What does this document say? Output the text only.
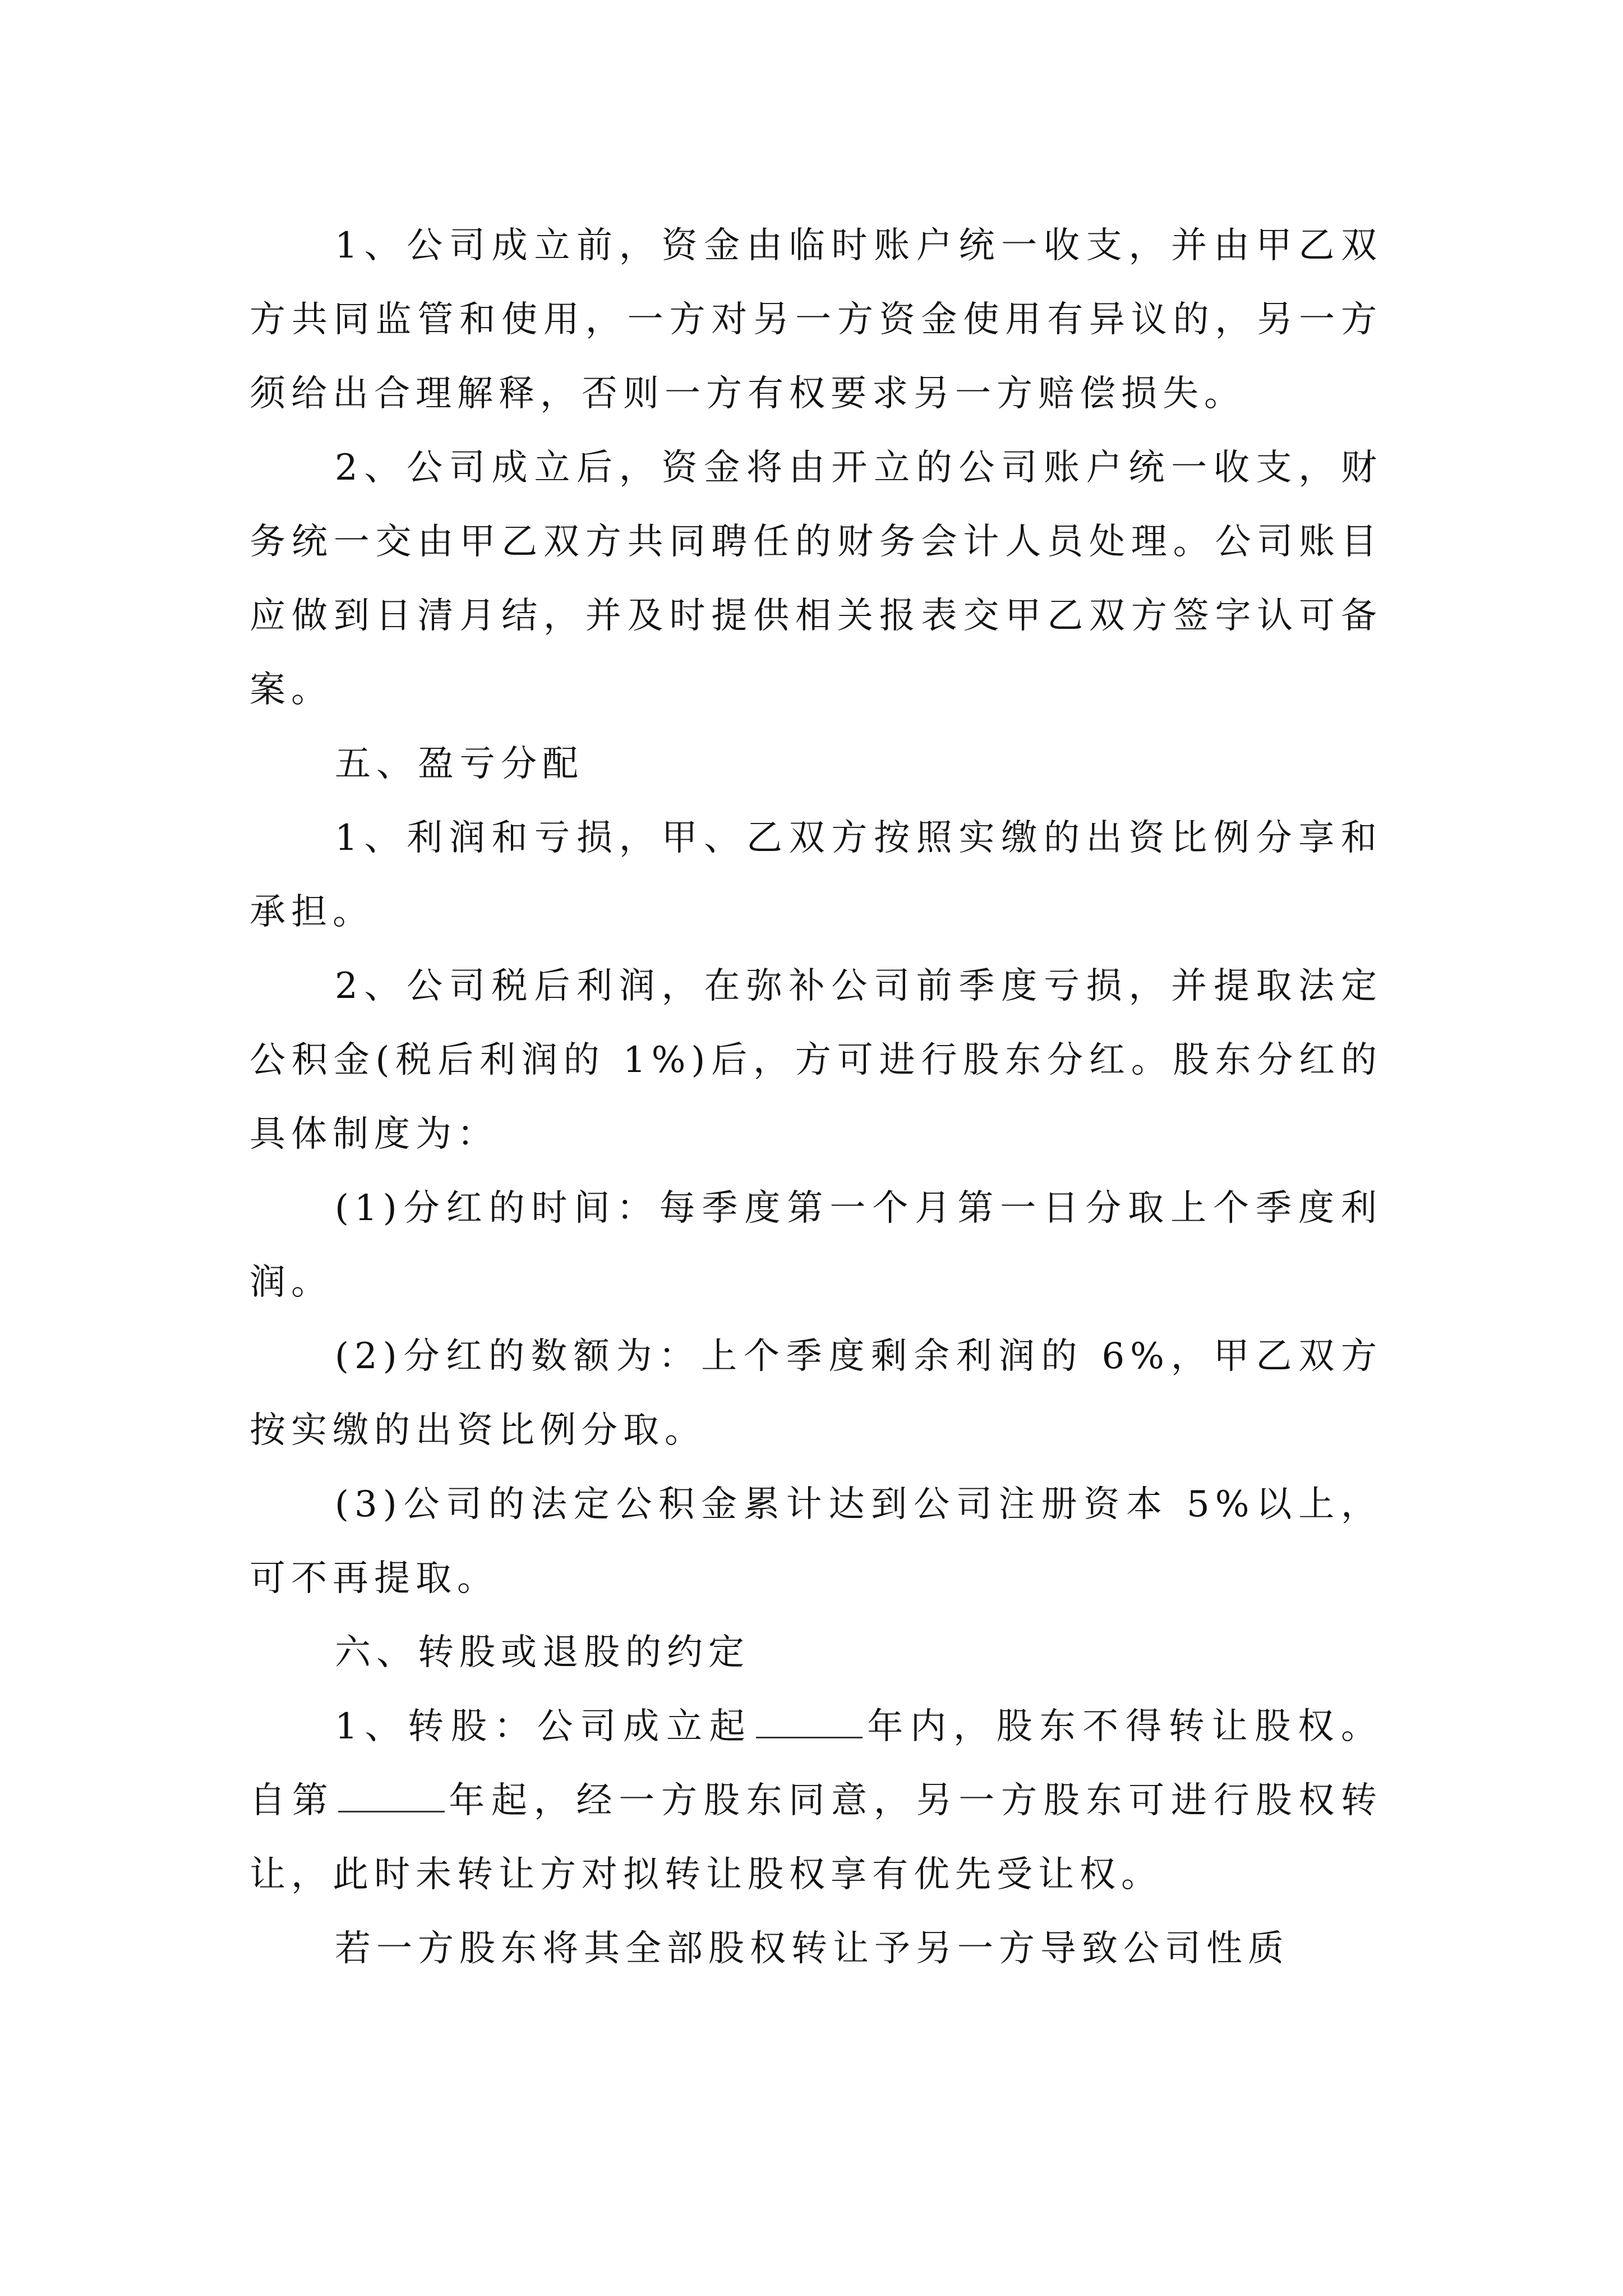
1、公司成立前，资金由临时账户统一收支，并由甲乙双方共同监管和使用，一方对另一方资金使用有异议的，另一方须给出合理解释，否则一方有权要求另一方赔偿损失。

2、公司成立后，资金将由开立的公司账户统一收支，财务统一交由甲乙双方共同聘任的财务会计人员处理。公司账目应做到日清月结，并及时提供相关报表交甲乙双方签字认可备案。

五、盈亏分配

1、利润和亏损，甲、乙双方按照实缴的出资比例分享和承担。

2、公司税后利润，在弥补公司前季度亏损，并提取法定公积金(税后利润的 1%)后，方可进行股东分红。股东分红的具体制度为：

(1)分红的时间：每季度第一个月第一日分取上个季度利润。

(2)分红的数额为：上个季度剩余利润的 6%，甲乙双方按实缴的出资比例分取。

(3)公司的法定公积金累计达到公司注册资本 5%以上，可不再提取。

六、转股或退股的约定

1、转股：公司成立起	年内，股东不得转让股权。自第	年起，经一方股东同意，另一方股东可进行股权转让，此时未转让方对拟转让股权享有优先受让权。

若一方股东将其全部股权转让予另一方导致公司性质
